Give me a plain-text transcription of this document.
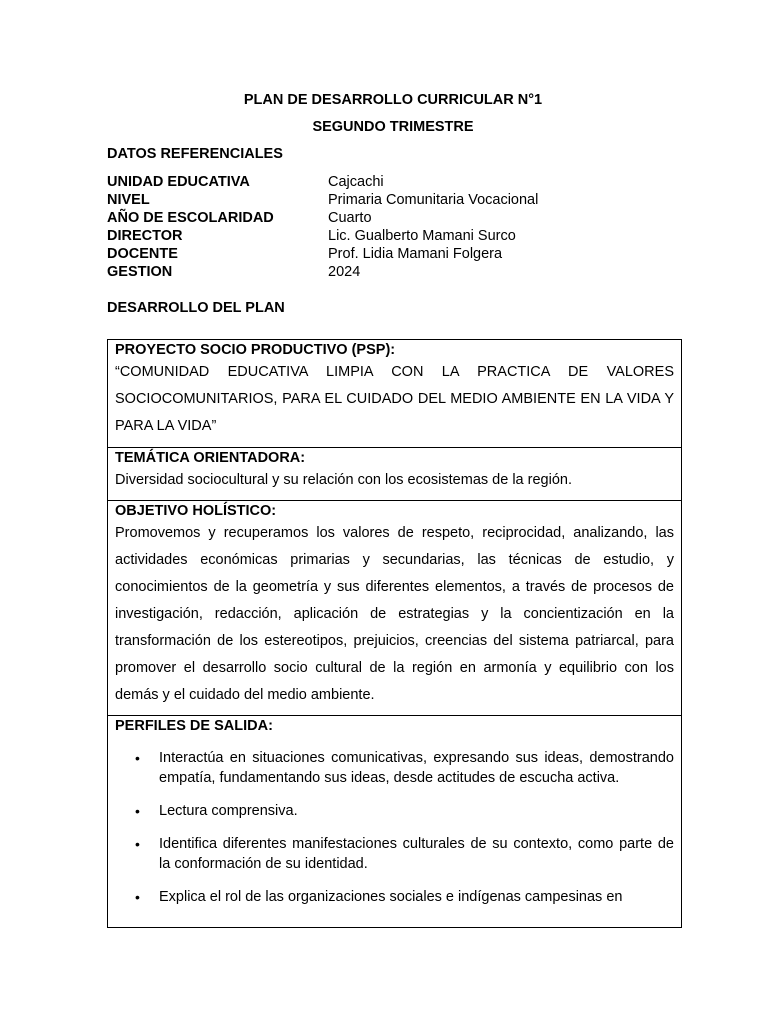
PLAN DE DESARROLLO CURRICULAR N°1
SEGUNDO TRIMESTRE
DATOS REFERENCIALES
UNIDAD EDUCATIVA	Cajcachi
NIVEL	Primaria Comunitaria Vocacional
AÑO DE ESCOLARIDAD	Cuarto
DIRECTOR	Lic. Gualberto Mamani Surco
DOCENTE	Prof. Lidia Mamani Folgera
GESTION	2024
DESARROLLO DEL PLAN
PROYECTO SOCIO PRODUCTIVO (PSP):
“COMUNIDAD EDUCATIVA LIMPIA CON LA PRACTICA DE VALORES SOCIOCOMUNITARIOS, PARA EL CUIDADO DEL MEDIO AMBIENTE EN LA VIDA Y PARA LA VIDA”
TEMÁTICA ORIENTADORA:
Diversidad sociocultural y su relación con los ecosistemas de la región.
OBJETIVO HOLÍSTICO:
Promovemos y recuperamos los valores de respeto, reciprocidad, analizando, las actividades económicas primarias y secundarias, las técnicas de estudio, y conocimientos de la geometría y sus diferentes elementos, a través de procesos de investigación, redacción, aplicación de estrategias y la concientización en la transformación de los estereotipos, prejuicios, creencias del sistema patriarcal, para promover el desarrollo socio cultural de la región en armonía y equilibrio con los demás y el cuidado del medio ambiente.
PERFILES DE SALIDA:
• Interactúa en situaciones comunicativas, expresando sus ideas, demostrando empatía, fundamentando sus ideas, desde actitudes de escucha activa.
• Lectura comprensiva.
• Identifica diferentes manifestaciones culturales de su contexto, como parte de la conformación de su identidad.
• Explica el rol de las organizaciones sociales e indígenas campesinas en
